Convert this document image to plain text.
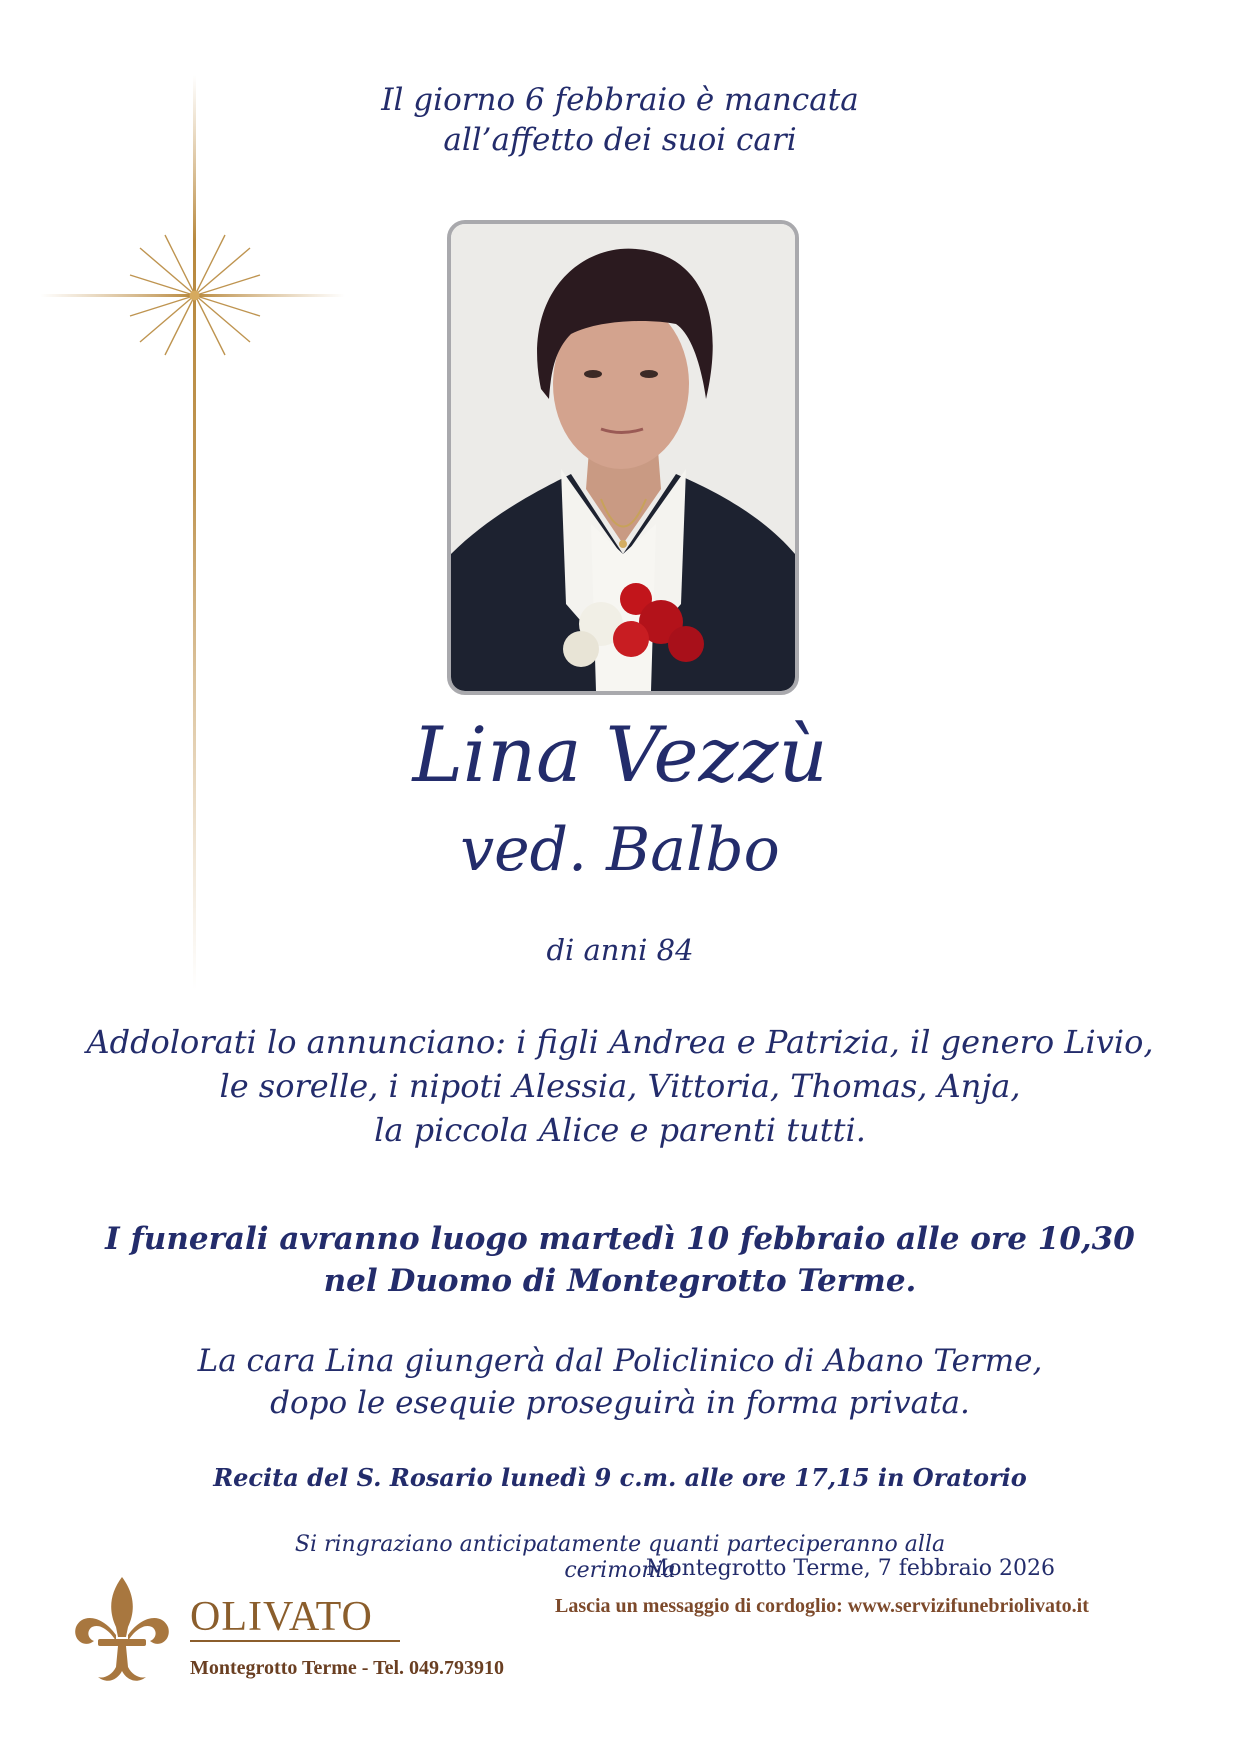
Il giorno 6 febbraio è mancata
all’affetto dei suoi cari
Lina Vezzù
ved. Balbo
di anni 84
Addolorati lo annunciano: i figli Andrea e Patrizia, il genero Livio,
le sorelle, i nipoti Alessia, Vittoria, Thomas, Anja,
la piccola Alice e parenti tutti.
I funerali avranno luogo martedì 10 febbraio alle ore 10,30
nel Duomo di Montegrotto Terme.
La cara Lina giungerà dal Policlinico di Abano Terme,
dopo le esequie proseguirà in forma privata.
Recita del S. Rosario lunedì 9 c.m. alle ore 17,15 in Oratorio
Si ringraziano anticipatamente quanti parteciperanno alla cerimonia
Montegrotto Terme, 7 febbraio 2026
Lascia un messaggio di cordoglio: www.servizifunebriolivato.it
OLIVATO
Montegrotto Terme - Tel. 049.793910
